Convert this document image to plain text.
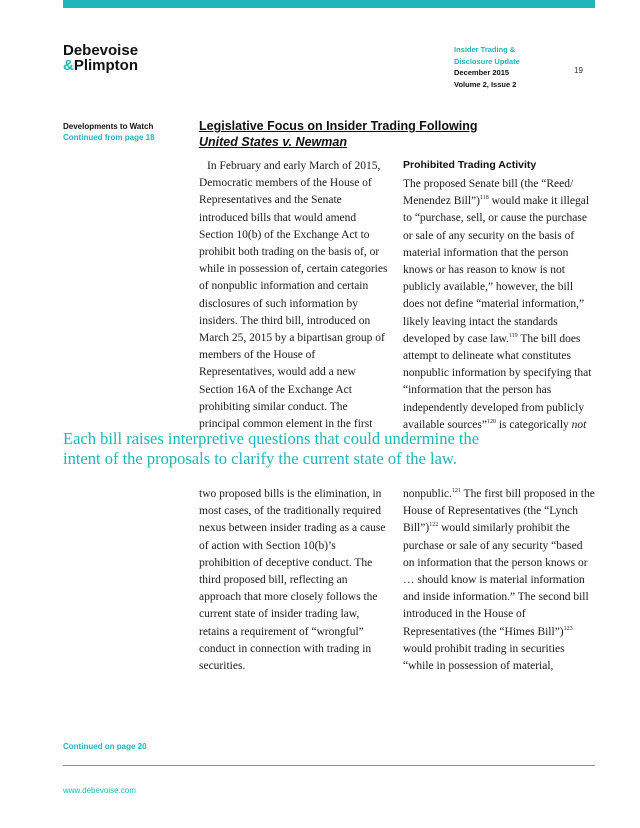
Debevoise
&Plimpton
Insider Trading &
Disclosure Update
December 2015
Volume 2, Issue 2
19
Developments to Watch
Continued from page 18
Legislative Focus on Insider Trading Following
United States v. Newman

In February and early March of 2015, Democratic members of the House of Representatives and the Senate introduced bills that would amend Section 10(b) of the Exchange Act to prohibit both trading on the basis of, or while in possession of, certain categories of nonpublic information and certain disclosures of such information by insiders. The third bill, introduced on March 25, 2015 by a bipartisan group of members of the House of Representatives, would add a new Section 16A of the Exchange Act prohibiting similar conduct. The principal common element in the first

Prohibited Trading Activity

The proposed Senate bill (the “Reed/ Menendez Bill”)$^{118}$ would make it illegal to “purchase, sell, or cause the purchase or sale of any security on the basis of material information that the person knows or has reason to know is not publicly available,” however, the bill does not define “material information,” likely leaving intact the standards developed by case law.$^{119}$ The bill does attempt to delineate what constitutes nonpublic information by specifying that “information that the person has independently developed from publicly available sources”$^{120}$ is categorically not

Each bill raises interpretive questions that could undermine the
intent of the proposals to clarify the current state of the law.

two proposed bills is the elimination, in most cases, of the traditionally required nexus between insider trading as a cause of action with Section 10(b)’s prohibition of deceptive conduct. The third proposed bill, reflecting an approach that more closely follows the current state of insider trading law, retains a requirement of “wrongful” conduct in connection with trading in securities.

nonpublic.$^{121}$ The first bill proposed in the House of Representatives (the “Lynch Bill”)$^{122}$ would similarly prohibit the purchase or sale of any security “based on information that the person knows or … should know is material information and inside information.” The second bill introduced in the House of Representatives (the “Himes Bill”)$^{123}$ would prohibit trading in securities “while in possession of material,

Continued on page 20
www.debevoise.com
